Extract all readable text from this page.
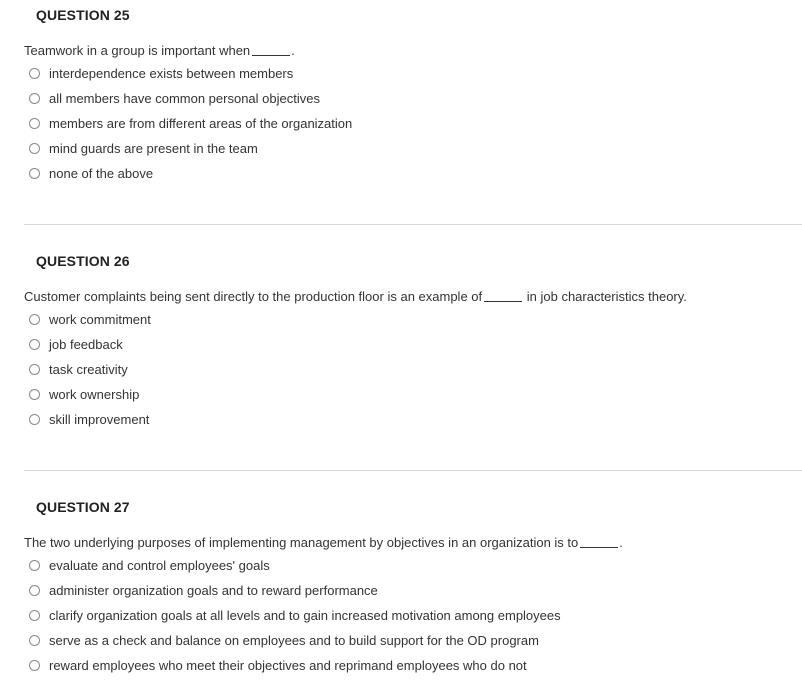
QUESTION 25
Teamwork in a group is important when	.
interdependence exists between members
all members have common personal objectives
members are from different areas of the organization
mind guards are present in the team
none of the above
QUESTION 26
Customer complaints being sent directly to the production floor is an example of	in job characteristics theory.
work commitment
job feedback
task creativity
work ownership
skill improvement
QUESTION 27
The two underlying purposes of implementing management by objectives in an organization is to	.
evaluate and control employees' goals
administer organization goals and to reward performance
clarify organization goals at all levels and to gain increased motivation among employees
serve as a check and balance on employees and to build support for the OD program
reward employees who meet their objectives and reprimand employees who do not
